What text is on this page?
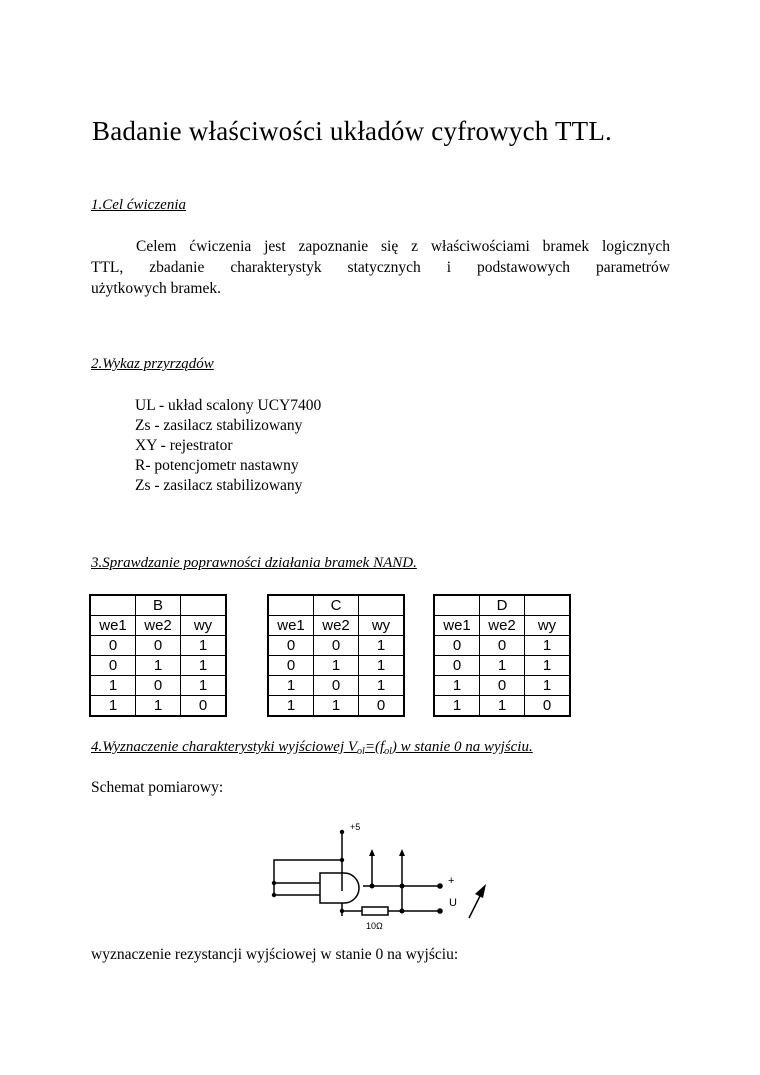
Badanie właściwości układów cyfrowych TTL.
1.Cel ćwiczenia
Celem ćwiczenia jest zapoznanie się z właściwościami bramek logicznych
TTL, zbadanie charakterystyk statycznych i podstawowych parametrów
użytkowych bramek.
2.Wykaz przyrządów
UL - układ scalony UCY7400
Zs - zasilacz stabilizowany
XY - rejestrator
R- potencjometr nastawny
Zs - zasilacz stabilizowany
3.Sprawdzanie poprawności działania bramek NAND.
	B	
we1	we2	wy
0	0	1
0	1	1
1	0	1
1	1	0
	C	
we1	we2	wy
0	0	1
0	1	1
1	0	1
1	1	0
	D	
we1	we2	wy
0	0	1
0	1	1
1	0	1
1	1	0
4.Wyznaczenie charakterystyki wyjściowej $V_{ol}=(f_{ol})$ w stanie 0 na wyjściu.
Schemat pomiarowy:
+5
+
U
10Ω
wyznaczenie rezystancji wyjściowej w stanie 0 na wyjściu:
